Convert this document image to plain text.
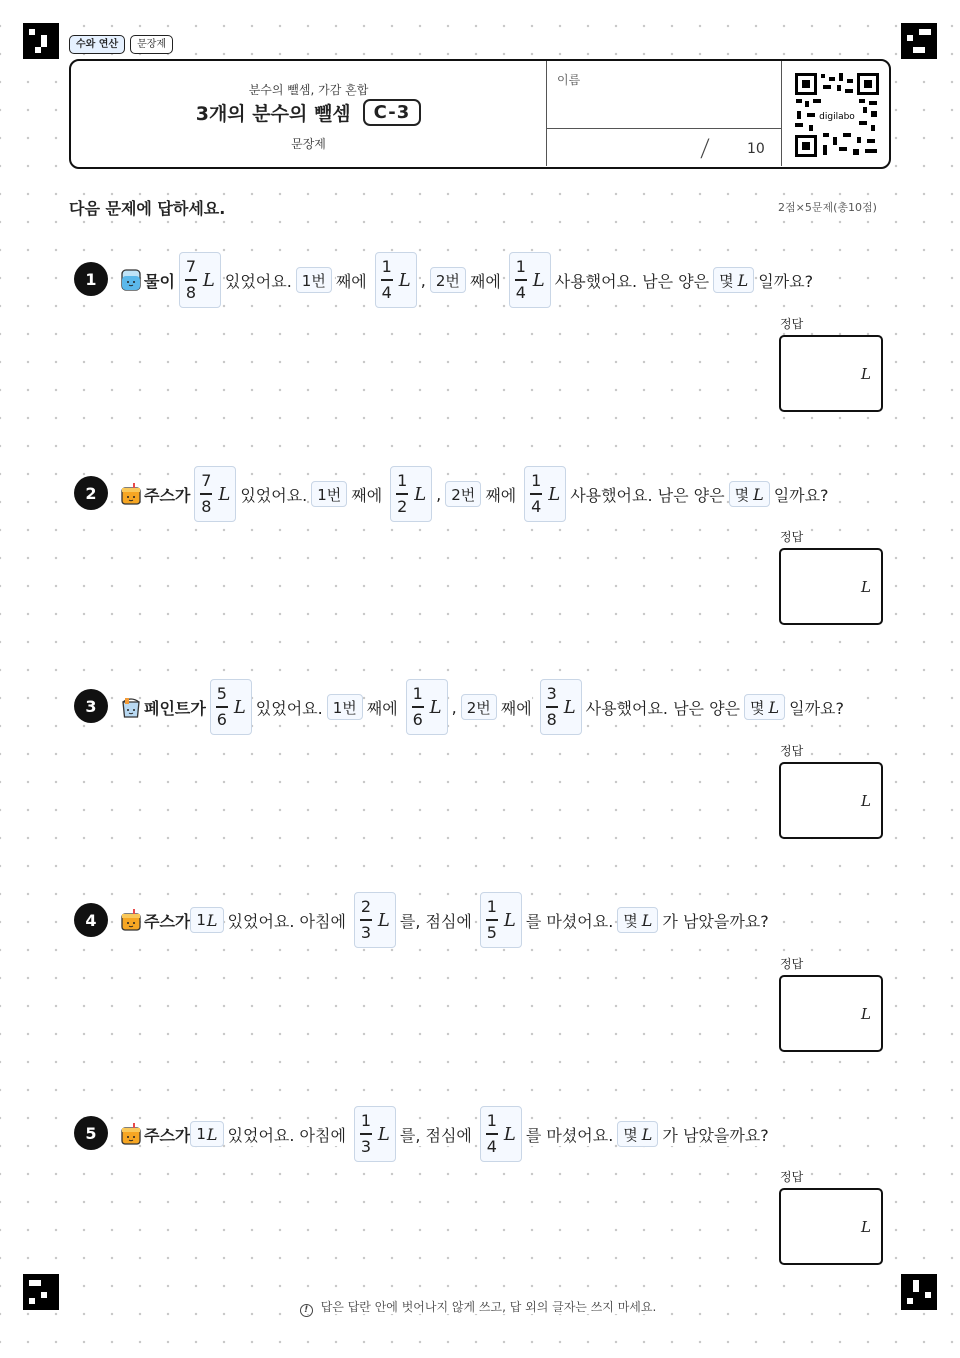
수와 연산	문장제
분수의 뺄셈, 가감 혼합
3개의 분수의 뺄셈	C-3
문장제
이름
/	10
digilabo
다음 문제에 답하세요.	2점×5문제(총10점)
1	물이 $\frac{7}{8}$ L 있었어요. 1번 째에 $\frac{1}{4}$ L , 2번 째에 $\frac{1}{4}$ L 사용했어요. 남은 양은 몇 L 일까요?
정답
L
2	주스가 $\frac{7}{8}$ L 있었어요. 1번 째에 $\frac{1}{2}$ L , 2번 째에 $\frac{1}{4}$ L 사용했어요. 남은 양은 몇 L 일까요?
정답
L
3	페인트가 $\frac{5}{6}$ L 있었어요. 1번 째에 $\frac{1}{6}$ L , 2번 째에 $\frac{3}{8}$ L 사용했어요. 남은 양은 몇 L 일까요?
정답
L
4	주스가 1 L 있었어요. 아침에 $\frac{2}{3}$ L 를, 점심에 $\frac{1}{5}$ L 를 마셨어요. 몇 L 가 남았을까요?
정답
L
5	주스가 1 L 있었어요. 아침에 $\frac{1}{3}$ L 를, 점심에 $\frac{1}{4}$ L 를 마셨어요. 몇 L 가 남았을까요?
정답
L
! 답은 답란 안에 벗어나지 않게 쓰고, 답 외의 글자는 쓰지 마세요.
